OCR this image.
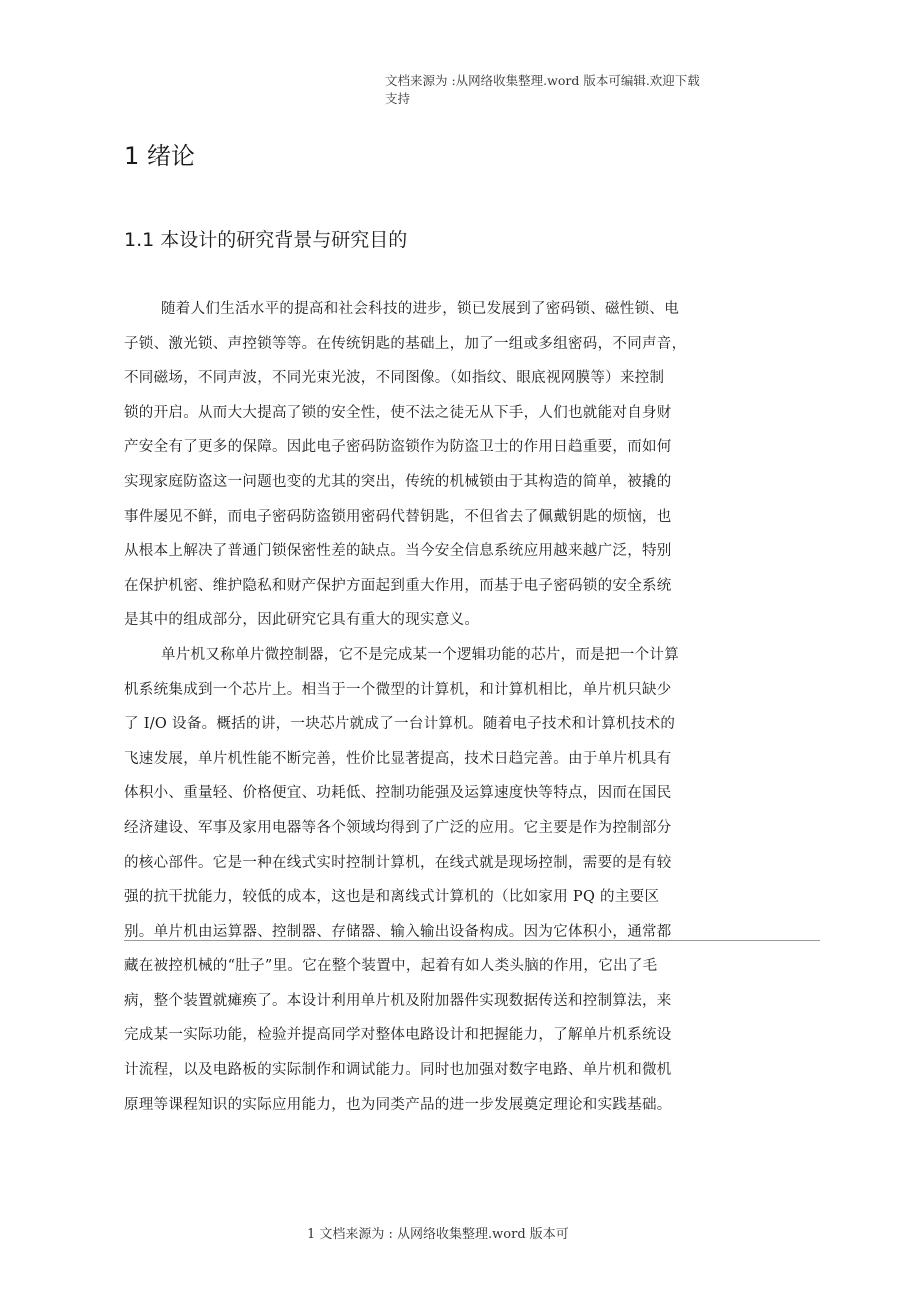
文档来源为 :从网络收集整理.word 版本可编辑.欢迎下载
支持
1 绪论
1.1 本设计的研究背景与研究目的
随着人们生活水平的提高和社会科技的进步，锁已发展到了密码锁、磁性锁、电
子锁、激光锁、声控锁等等。在传统钥匙的基础上，加了一组或多组密码，不同声音，
不同磁场，不同声波，不同光束光波，不同图像。（如指纹、眼底视网膜等）来控制
锁的开启。从而大大提高了锁的安全性，使不法之徒无从下手，人们也就能对自身财
产安全有了更多的保障。因此电子密码防盗锁作为防盗卫士的作用日趋重要，而如何
实现家庭防盗这一问题也变的尤其的突出，传统的机械锁由于其构造的简单，被撬的
事件屡见不鲜，而电子密码防盗锁用密码代替钥匙，不但省去了佩戴钥匙的烦恼，也
从根本上解决了普通门锁保密性差的缺点。当今安全信息系统应用越来越广泛，特别
在保护机密、维护隐私和财产保护方面起到重大作用，而基于电子密码锁的安全系统
是其中的组成部分，因此研究它具有重大的现实意义。
单片机又称单片微控制器，它不是完成某一个逻辑功能的芯片，而是把一个计算
机系统集成到一个芯片上。相当于一个微型的计算机，和计算机相比，单片机只缺少
了 I/O 设备。概括的讲，一块芯片就成了一台计算机。随着电子技术和计算机技术的
飞速发展，单片机性能不断完善，性价比显著提高，技术日趋完善。由于单片机具有
体积小、重量轻、价格便宜、功耗低、控制功能强及运算速度快等特点，因而在国民
经济建设、军事及家用电器等各个领域均得到了广泛的应用。它主要是作为控制部分
的核心部件。它是一种在线式实时控制计算机，在线式就是现场控制，需要的是有较
强的抗干扰能力，较低的成本，这也是和离线式计算机的（比如家用 PQ 的主要区
别。单片机由运算器、控制器、存储器、输入输出设备构成。因为它体积小，通常都
藏在被控机械的“肚子”里。它在整个装置中，起着有如人类头脑的作用，它出了毛
病，整个装置就瘫痪了。本设计利用单片机及附加器件实现数据传送和控制算法，来
完成某一实际功能，检验并提高同学对整体电路设计和把握能力，了解单片机系统设
计流程，以及电路板的实际制作和调试能力。同时也加强对数字电路、单片机和微机
原理等课程知识的实际应用能力，也为同类产品的进一步发展奠定理论和实践基础。
1 文档来源为 : 从网络收集整理.word 版本可
